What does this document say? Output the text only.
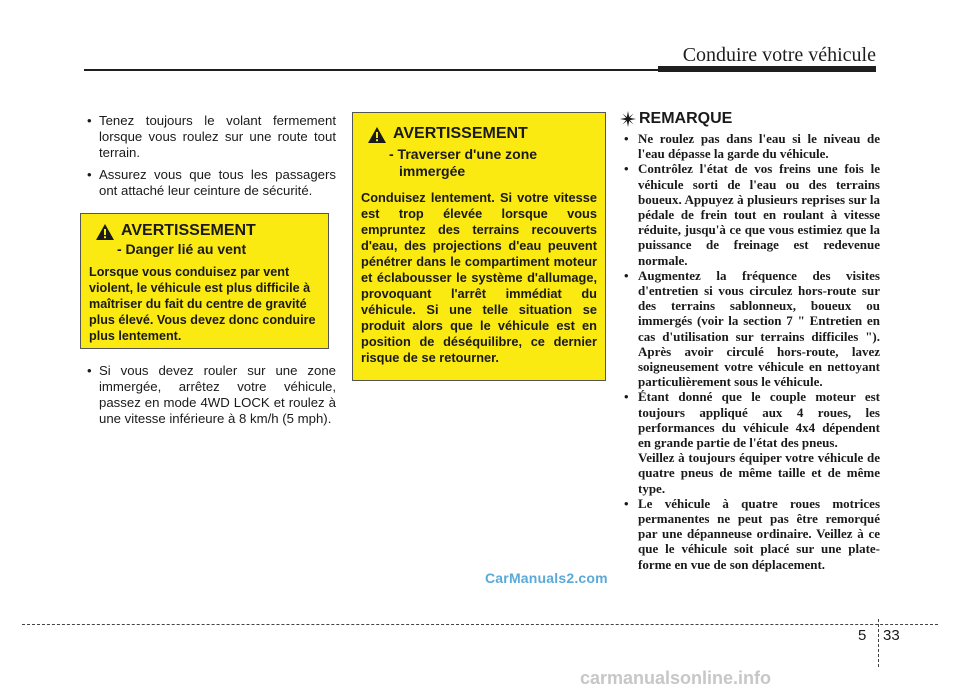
Conduire votre véhicule
• Tenez toujours le volant fermement lorsque vous roulez sur une route tout terrain.
• Assurez vous que tous les passagers ont attaché leur ceinture de sécurité.
AVERTISSEMENT
- Danger lié au vent
Lorsque vous conduisez par vent violent, le véhicule est plus difficile à maîtriser du fait du centre de gravité plus élevé. Vous devez donc conduire plus lentement.
• Si vous devez rouler sur une zone immergée, arrêtez votre véhicule, passez en mode 4WD LOCK et roulez à une vitesse inférieure à 8 km/h (5 mph).
AVERTISSEMENT
- Traverser d'une zone immergée
Conduisez lentement. Si votre vitesse est trop élevée lorsque vous empruntez des terrains recouverts d'eau, des projections d'eau peuvent pénétrer dans le compartiment moteur et éclabousser le système d'allumage, provoquant l'arrêt immédiat du véhicule. Si une telle situation se produit alors que le véhicule est en position de déséquilibre, ce dernier risque de se retourner.
REMARQUE
• Ne roulez pas dans l'eau si le niveau de l'eau dépasse la garde du véhicule.
• Contrôlez l'état de vos freins une fois le véhicule sorti de l'eau ou des terrains boueux. Appuyez à plusieurs reprises sur la pédale de frein tout en roulant à vitesse réduite, jusqu'à ce que vous estimiez que la puissance de freinage est redevenue normale.
• Augmentez la fréquence des visites d'entretien si vous circulez hors-route sur des terrains sablonneux, boueux ou immergés (voir la section 7 " Entretien en cas d'utilisation sur terrains difficiles "). Après avoir circulé hors-route, lavez soigneusement votre véhicule en nettoyant particulièrement sous le véhicule.
• Étant donné que le couple moteur est toujours appliqué aux 4 roues, les performances du véhicule 4x4 dépendent en grande partie de l'état des pneus.
Veillez à toujours équiper votre véhicule de quatre pneus de même taille et de même type.
• Le véhicule à quatre roues motrices permanentes ne peut pas être remorqué par une dépanneuse ordinaire. Veillez à ce que le véhicule soit placé sur une plate-forme en vue de son déplacement.
CarManuals2.com
5 33
carmanualsonline.info
